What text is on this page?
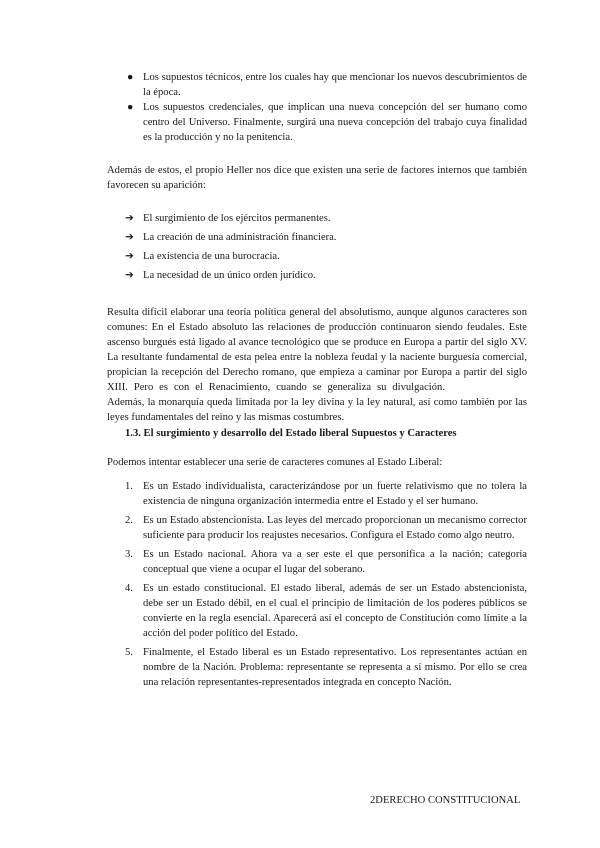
● Los supuestos técnicos, entre los cuales hay que mencionar los nuevos descubrimientos de la época.
● Los supuestos credenciales, que implican una nueva concepción del ser humano como centro del Universo. Finalmente, surgirá una nueva concepción del trabajo cuya finalidad es la producción y no la penitencia.

Además de estos, el propio Heller nos dice que existen una serie de factores internos que también favorecen su aparición:

➔ El surgimiento de los ejércitos permanentes.
➔ La creación de una administración financiera.
➔ La existencia de una burocracia.
➔ La necesidad de un único orden jurídico.

Resulta difícil elaborar una teoría política general del absolutismo, aunque algunos caracteres son comunes: En el Estado absoluto las relaciones de producción continuaron siendo feudales. Este ascenso burgués está ligado al avance tecnológico que se produce en Europa a partir del siglo XV. La resultante fundamental de esta pelea entre la nobleza feudal y la naciente burguesía comercial, propician la recepción del Derecho romano, que empieza a caminar por Europa a partir del siglo XIII. Pero es con el Renacimiento, cuando se generaliza su divulgación.Además, la monarquía queda limitada por la ley divina y la ley natural, así como también por las leyes fundamentales del reino y las mismas costumbres.

1.3. El surgimiento y desarrollo del Estado liberal Supuestos y Caracteres

Podemos intentar establecer una serie de caracteres comunes al Estado Liberal:

1. Es un Estado individualista, caracterizándose por un fuerte relativismo que no tolera la existencia de ninguna organización intermedia entre el Estado y el ser humano.
2. Es un Estado abstencionista. Las leyes del mercado proporcionan un mecanismo corrector suficiente para producir los reajustes necesarios. Configura el Estado como algo neutro.
3. Es un Estado nacional. Ahora va a ser este el que personifica a la nación; categoría conceptual que viene a ocupar el lugar del soberano.
4. Es un estado constitucional. El estado liberal, además de ser un Estado abstencionista, debe ser un Estado débil, en el cual el principio de limitación de los poderes públicos se convierte en la regla esencial. Aparecerá así el concepto de Constitución como límite a la acción del poder político del Estado.
5. Finalmente, el Estado liberal es un Estado representativo. Los representantes actúan en nombre de la Nación. Problema: representante se representa a sí mismo. Por ello se crea una relación representantes-representados integrada en concepto Nación.
2DERECHO CONSTITUCIONAL
